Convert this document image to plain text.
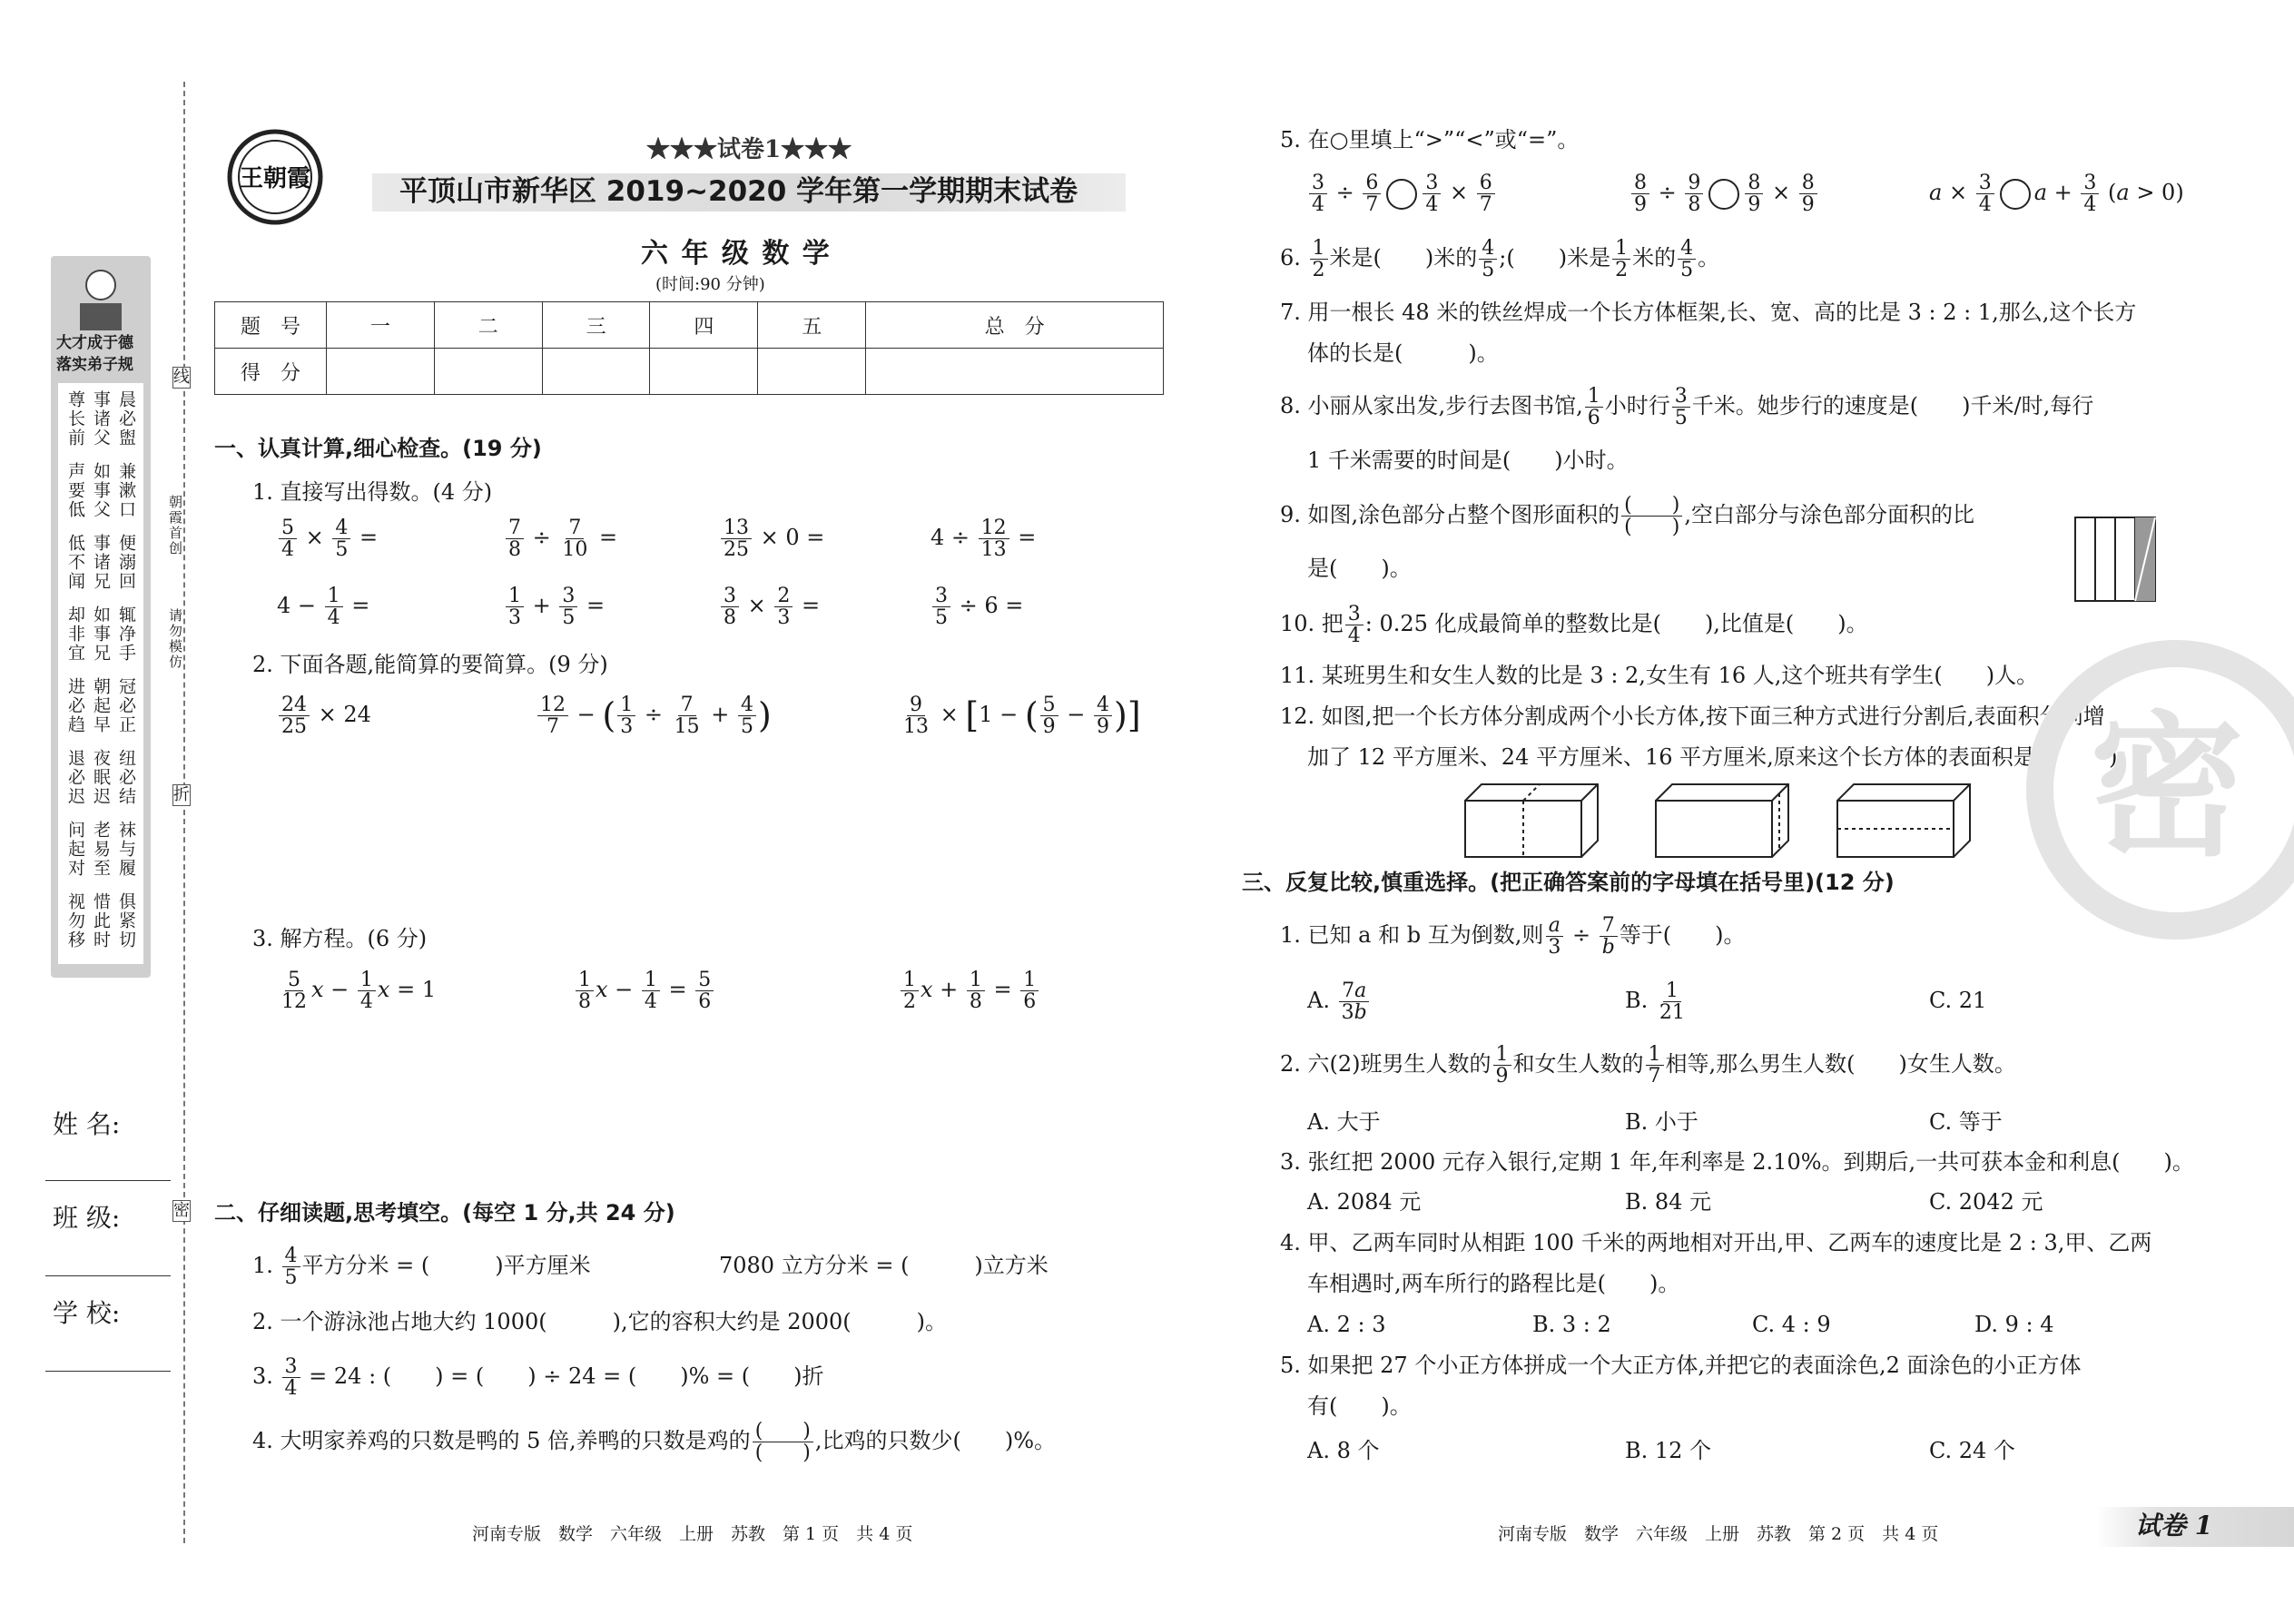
大才成于德
落实弟子规
晨必盥
事诸父
尊长前
兼漱口
如事父
声要低
便溺回
事诸兄
低不闻
辄净手
如事兄
却非宜
冠必正
朝起早
进必趋
纽必结
夜眠迟
退必迟
袜与履
老易至
问起对
俱紧切
惜此时
视勿移
线
折
密
朝霞首创
请勿模仿
姓 名:
班 级:
学 校:
王朝霞
★★★试卷1★★★
平顶山市新华区 2019~2020 学年第一学期期末试卷
六 年 级 数 学
(时间:90 分钟)
题　号	一	二	三	四	五	总　分
得　分						
一、认真计算,细心检查。(19 分)
1. 直接写出得数。(4 分)
$\frac{5}{4} \times \frac{4}{5}$ =	$\frac{7}{8} \div \frac{7}{10}$ =	$\frac{13}{25} \times 0$ =	$4 \div \frac{12}{13}$ =
$4 - \frac{1}{4}$ =	$\frac{1}{3} + \frac{3}{5}$ =	$\frac{3}{8} \times \frac{2}{3}$ =	$\frac{3}{5} \div 6$ =
2. 下面各题,能简算的要简算。(9 分)
$\frac{24}{25} \times 24$	$\frac{12}{7}$ − ( $\frac{1}{3} \div \frac{7}{15} + \frac{4}{5}$ )	$\frac{9}{13} \times [1$ − ( $\frac{5}{9} - \frac{4}{9}$ )]
3. 解方程。(6 分)
$\frac{5}{12}$ $x - \frac{1}{4}$ x = 1	$\frac{1}{8}$ $x - \frac{1}{4} = \frac{5}{6}$	$\frac{1}{2}$ $x + \frac{1}{8} = \frac{1}{6}$
二、仔细读题,思考填空。(每空 1 分,共 24 分)
1. $\frac{4}{5}$ 平方分米 = (　　　)平方厘米	7080 立方分米 = (　　　)立方米
2. 一个游泳池占地大约 1000(　　　),它的容积大约是 2000(　　　)。
3. $\frac{3}{4} = 24$ : (　　) = (　　) ÷ 24 = (　　)% = (　　)折
4. 大明家养鸡的只数是鸭的 5 倍,养鸭的只数是鸡的 $\frac{( )}{( )}$ ,比鸡的只数少(　　)%。
河南专版　数学　六年级　上册　苏教　第 1 页　共 4 页
5. 在○里填上“>”“<”或“=”。
$\frac{3}{4} \div \frac{6}{7} \frac{3}{4} \times \frac{6}{7}$	$\frac{8}{9} \div \frac{9}{8} \frac{8}{9} \times \frac{8}{9}$	$a \times \frac{3}{4}$ $a + \frac{3}{4} (a > 0)$
6. $\frac{1}{2}$ 米是(　　)米的 $\frac{4}{5}$ ;(　　)米是 $\frac{1}{2}$ 米的 $\frac{4}{5}$ 。
7. 用一根长 48 米的铁丝焊成一个长方体框架,长、宽、高的比是 3 : 2 : 1,那么,这个长方
体的长是(　　　)。
8. 小丽从家出发,步行去图书馆, $\frac{1}{6}$ 小时行 $\frac{3}{5}$ 千米。她步行的速度是(　　)千米/时,每行
1 千米需要的时间是(　　)小时。
9. 如图,涂色部分占整个图形面积的 $\frac{( )}{( )}$ ,空白部分与涂色部分面积的比
是(　　)。
10. 把 $\frac{3}{4}$ : 0.25 化成最简单的整数比是(　　),比值是(　　)。
11. 某班男生和女生人数的比是 3 : 2,女生有 16 人,这个班共有学生(　　)人。
12. 如图,把一个长方体分割成两个小长方体,按下面三种方式进行分割后,表面积分别增
加了 12 平方厘米、24 平方厘米、16 平方厘米,原来这个长方体的表面积是(　　　)。
三、反复比较,慎重选择。(把正确答案前的字母填在括号里)(12 分)
1. 已知 a 和 b 互为倒数,则 $\frac{a}{3} \div \frac{7}{b}$ 等于(　　)。
A. $\frac{7a}{3b}$	B. $\frac{1}{21}$	C. 21
2. 六(2)班男生人数的 $\frac{1}{9}$ 和女生人数的 $\frac{1}{7}$ 相等,那么男生人数(　　)女生人数。
A. 大于	B. 小于	C. 等于
3. 张红把 2000 元存入银行,定期 1 年,年利率是 2.10%。到期后,一共可获本金和利息(　　)。
A. 2084 元	B. 84 元	C. 2042 元
4. 甲、乙两车同时从相距 100 千米的两地相对开出,甲、乙两车的速度比是 2 : 3,甲、乙两
车相遇时,两车所行的路程比是(　　)。
A. 2 : 3	B. 3 : 2	C. 4 : 9	D. 9 : 4
5. 如果把 27 个小正方体拼成一个大正方体,并把它的表面涂色,2 面涂色的小正方体
有(　　)。
A. 8 个	B. 12 个	C. 24 个
密
河南专版　数学　六年级　上册　苏教　第 2 页　共 4 页	试卷 1
